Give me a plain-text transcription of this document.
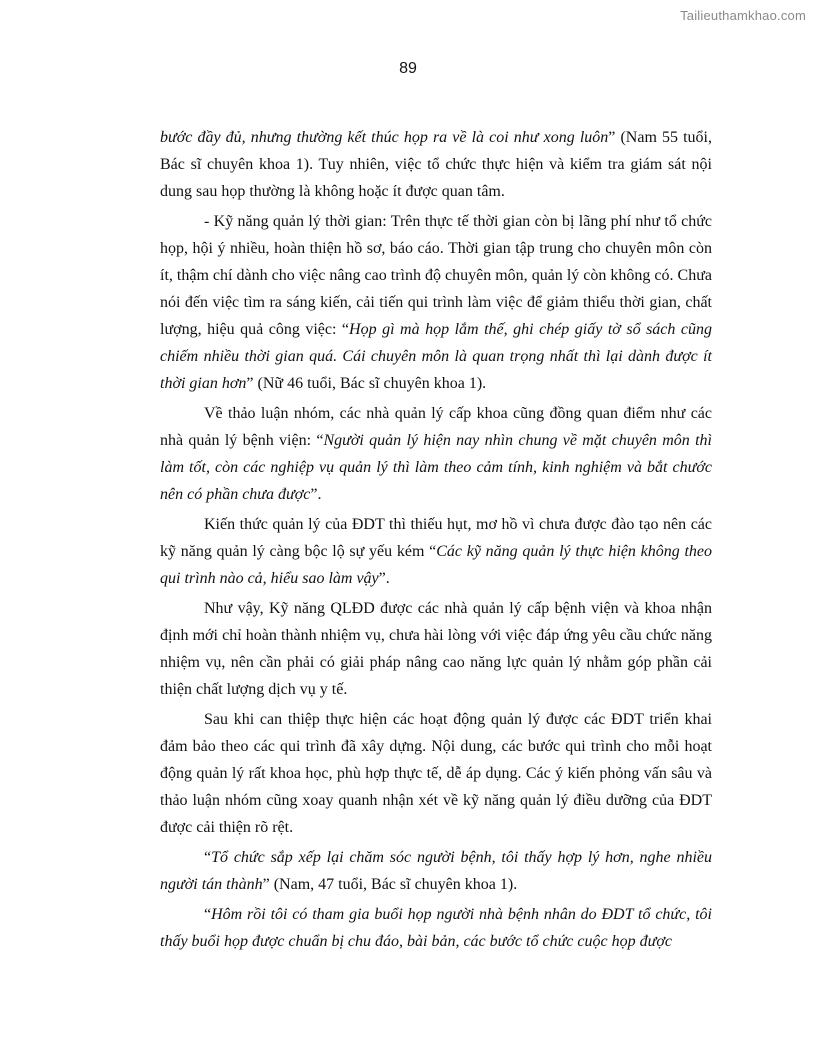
Tailieuthamkhao.com
89

bước đầy đủ, nhưng thường kết thúc họp ra về là coi như xong luôn” (Nam 55 tuổi, Bác sĩ chuyên khoa 1). Tuy nhiên, việc tổ chức thực hiện và kiểm tra giám sát nội dung sau họp thường là không hoặc ít được quan tâm.

- Kỹ năng quản lý thời gian: Trên thực tế thời gian còn bị lãng phí như tổ chức họp, hội ý nhiều, hoàn thiện hồ sơ, báo cáo. Thời gian tập trung cho chuyên môn còn ít, thậm chí dành cho việc nâng cao trình độ chuyên môn, quản lý còn không có. Chưa nói đến việc tìm ra sáng kiến, cải tiến qui trình làm việc để giảm thiểu thời gian, chất lượng, hiệu quả công việc: “Họp gì mà họp lắm thế, ghi chép giấy tờ sổ sách cũng chiếm nhiều thời gian quá. Cái chuyên môn là quan trọng nhất thì lại dành được ít thời gian hơn” (Nữ 46 tuổi, Bác sĩ chuyên khoa 1).

Về thảo luận nhóm, các nhà quản lý cấp khoa cũng đồng quan điểm như các nhà quản lý bệnh viện: “Người quản lý hiện nay nhìn chung về mặt chuyên môn thì làm tốt, còn các nghiệp vụ quản lý thì làm theo cảm tính, kinh nghiệm và bắt chước nên có phần chưa được”.

Kiến thức quản lý của ĐDT thì thiếu hụt, mơ hồ vì chưa được đào tạo nên các kỹ năng quản lý càng bộc lộ sự yếu kém “Các kỹ năng quản lý thực hiện không theo qui trình nào cả, hiểu sao làm vậy”.

Như vậy, Kỹ năng QLĐD được các nhà quản lý cấp bệnh viện và khoa nhận định mới chỉ hoàn thành nhiệm vụ, chưa hài lòng với việc đáp ứng yêu cầu chức năng nhiệm vụ, nên cần phải có giải pháp nâng cao năng lực quản lý nhằm góp phần cải thiện chất lượng dịch vụ y tế.

Sau khi can thiệp thực hiện các hoạt động quản lý được các ĐDT triển khai đảm bảo theo các qui trình đã xây dựng. Nội dung, các bước qui trình cho mỗi hoạt động quản lý rất khoa học, phù hợp thực tế, dễ áp dụng. Các ý kiến phỏng vấn sâu và thảo luận nhóm cũng xoay quanh nhận xét về kỹ năng quản lý điều dưỡng của ĐDT được cải thiện rõ rệt.

“Tổ chức sắp xếp lại chăm sóc người bệnh, tôi thấy hợp lý hơn, nghe nhiều người tán thành” (Nam, 47 tuổi, Bác sĩ chuyên khoa 1).

“Hôm rồi tôi có tham gia buổi họp người nhà bệnh nhân do ĐDT tổ chức, tôi thấy buổi họp được chuẩn bị chu đáo, bài bản, các bước tổ chức cuộc họp được
